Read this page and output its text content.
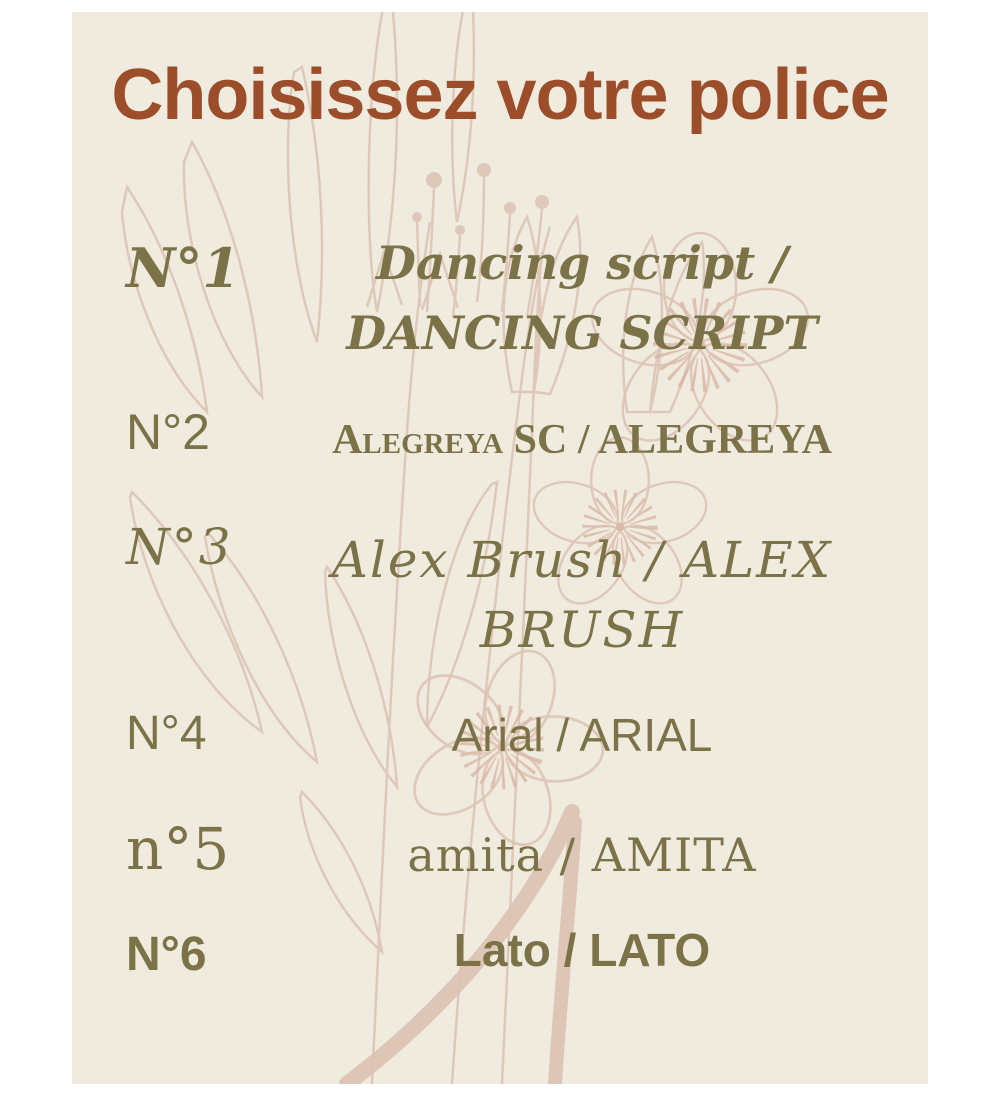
Choisissez votre police
N°1	Dancing script / DANCING SCRIPT
N°2	Alegreya SC / ALEGREYA
N°3	Alex Brush / ALEX BRUSH
N°4	Arial / ARIAL
n°5	amita / AMITA
N°6	Lato / LATO
